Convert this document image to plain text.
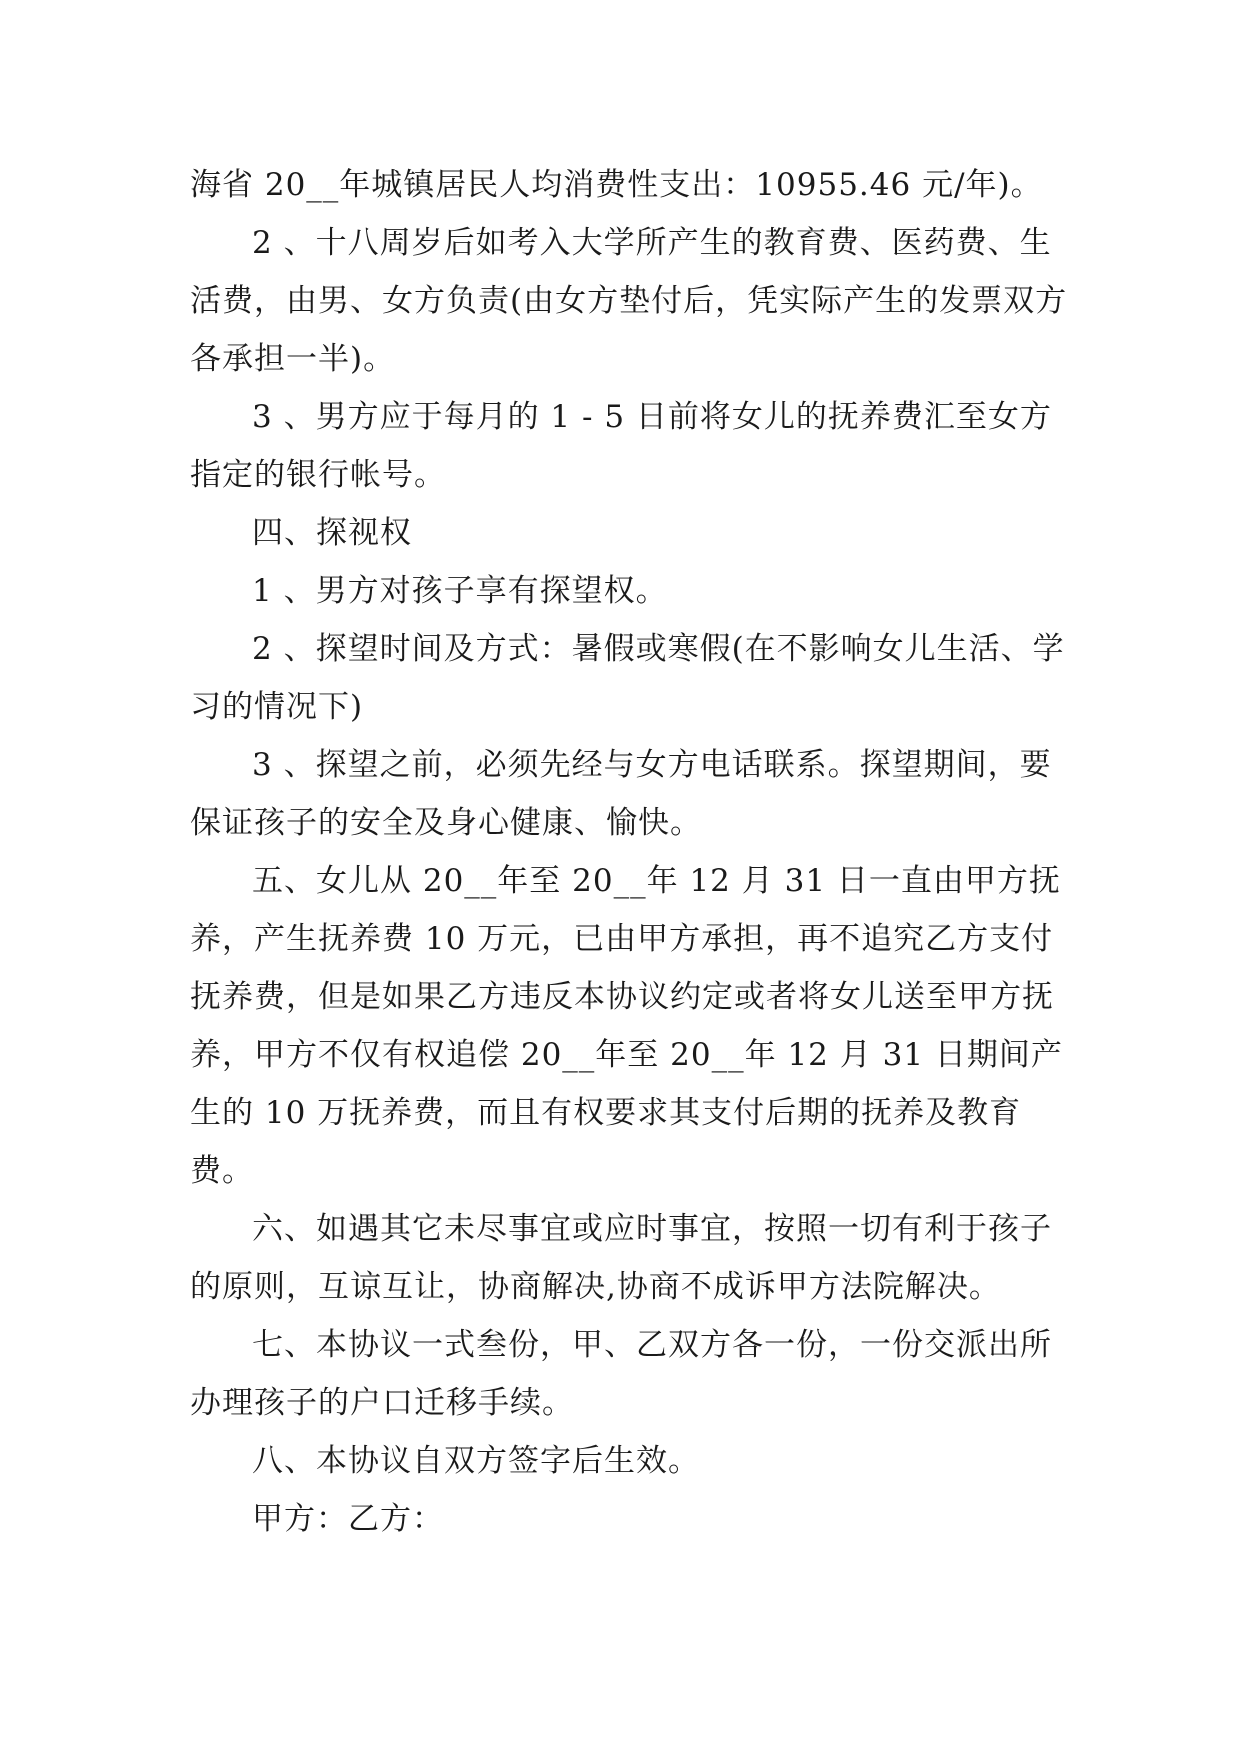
海省 20__年城镇居民人均消费性支出：10955.46 元/年)。

2 、十八周岁后如考入大学所产生的教育费、医药费、生活费，由男、女方负责(由女方垫付后，凭实际产生的发票双方各承担一半)。

3 、男方应于每月的 1 - 5 日前将女儿的抚养费汇至女方指定的银行帐号。

四、探视权

1 、男方对孩子享有探望权。

2 、探望时间及方式：暑假或寒假(在不影响女儿生活、学习的情况下)

3 、探望之前，必须先经与女方电话联系。探望期间，要保证孩子的安全及身心健康、愉快。

五、女儿从 20__年至 20__年 12 月 31 日一直由甲方抚养，产生抚养费 10 万元，已由甲方承担，再不追究乙方支付抚养费，但是如果乙方违反本协议约定或者将女儿送至甲方抚养，甲方不仅有权追偿 20__年至 20__年 12 月 31 日期间产生的 10 万抚养费，而且有权要求其支付后期的抚养及教育费。

六、如遇其它未尽事宜或应时事宜，按照一切有利于孩子的原则，互谅互让，协商解决,协商不成诉甲方法院解决。

七、本协议一式叁份，甲、乙双方各一份，一份交派出所办理孩子的户口迁移手续。

八、本协议自双方签字后生效。

甲方：乙方：
